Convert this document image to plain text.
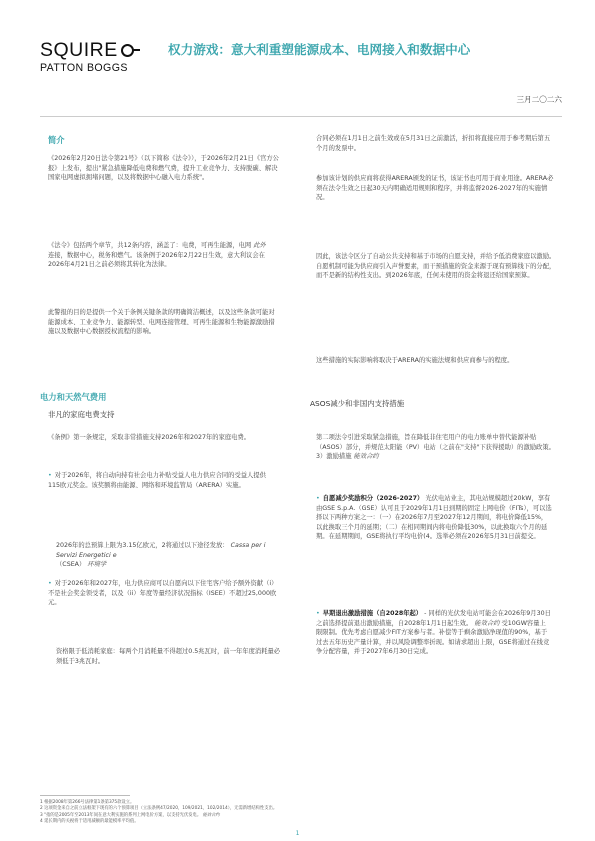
SQUIRE
PATTON BOGGS
权力游戏：意大利重塑能源成本、电网接入和数据中心
三月二〇二六
简介
《2026年2月20日法令第21号》（以下简称《法令》），于2026年2月21日《官方公报》上发布，提出"紧急措施降低电费和燃气费，提升工业竞争力、支持脱碳、解决国家电网虚拟拥堵问题，以及将数据中心融入电力系统"。
《法令》包括两个章节，共12条内容，涵盖了：电费，可再生能源，电网 此外
连接，数据中心，税务和燃气。该条例于2026年2月22日生效，意大利议会在2026年4月21日之前必须将其转化为法律。
此警报的目的是提供一个关于条例关键条款的明确简洁概述，以及这些条款可能对能源成本、工业竞争力、能源转型、电网连接管理、可再生能源和生物能源激励措施以及数据中心数据授权流程的影响。
电力和天然气费用
非凡的家庭电费支持
《条例》第一条规定，采取非常措施支持2026年和2027年的家庭电费。
• 对于2026年，将自动向持有社会电力补贴受益人电力供应合同的受益人提供115欧元奖金。该奖额将由能源、网络和环境监管局（ARERA）实施。
2026年的总预算上限为3.15亿欧元，2将通过以下途径发放： Cassa per i Servizi Energetici e
（CSEA） 环境学
• 对于2026年和2027年，电力供应商可以自愿向以下住宅客户给予额外资献（i）不是社会奖金领受者，以及（ii）年度等量经济状况指标（ISEE）不超过25,000欧元。
资格限于低消耗家庭：每两个月消耗量不得超过0.5兆瓦时，前一年年度消耗量必须低于3兆瓦时。
合同必须在1月1日之前生效或在5月31日之前激活，折扣将直接应用于参考期后第五个月的发票中。
参加该计划的供应商将获得ARERA颁发的证书，该证书也可用于商业用途。ARERA必须在法令生效之日起30天内明确适用规则和程序，并将监督2026-2027年的实施情况。
因此，该法令区分了自动公共支持和基于市场的自愿支持，并给予低消费家庭以激励。自愿机制可能为供应商引入声誉要素，而干预措施的资金来源于现有预算线下的分配，而不是新的结构性支出。到2026年底，任何未使用的资金将退还给国家预算。
这些措施的实际影响将取决于ARERA的实施法规和供应商参与的程度。
ASOS减少和非国内支持措施
第二项法令引进采取紧急措施，旨在降低非住宅用户的电力账单中替代能源补贴（ASOS）部分，并规范太阳能（PV）电站（之前在"支持"下获得援助）的激励政策。3）激励措施 能效合约
• 自愿减少奖励积分（2026-2027） 光伏电站业主，其电站规模超过20kW，享有由GSE S.p.A.（GSE）认可且于2029年1月1日到期的固定上网电价（FITs），可以选择以下两种方案之一：（一）在2026年7月至2027年12月期间，将电价降低15%，以此换取三个月的延期；（二）在相同期间内将电价降低30%，以此换取六个月的延期。在延期期间，GSE将执行平均电价(4。选举必须在2026年5月31日前提交。
• 早期退出激励措施（自2028年起） - 同样的光伏发电站可能会在2026年9月30日之前选择提前退出激励措施，自2028年1月1日起生效。 能效合约 受10GW容量上限限制。优先考虑自愿减少FIT方案参与者。补偿等于剩余激励净现值的90%，基于过去五年历史产量计算，并以风险调整率折现。如请求超出上限，GSE将通过在线竞争分配容量，并于2027年6月30日完成。
1 根据2008年第266号法律第1条第375款设立。
2 这项资金来自之前立法框架下现有的六个预算项目（立法条例47/2020，109/2021，102/2014），无需新增结构性支出。
3 "指的是2005年至2013年间在意大利实施的系列上网电价方案，以支持光伏发电。 能效合约
4 延长期内的关税将于适用减额的最能模率平均值。
1
